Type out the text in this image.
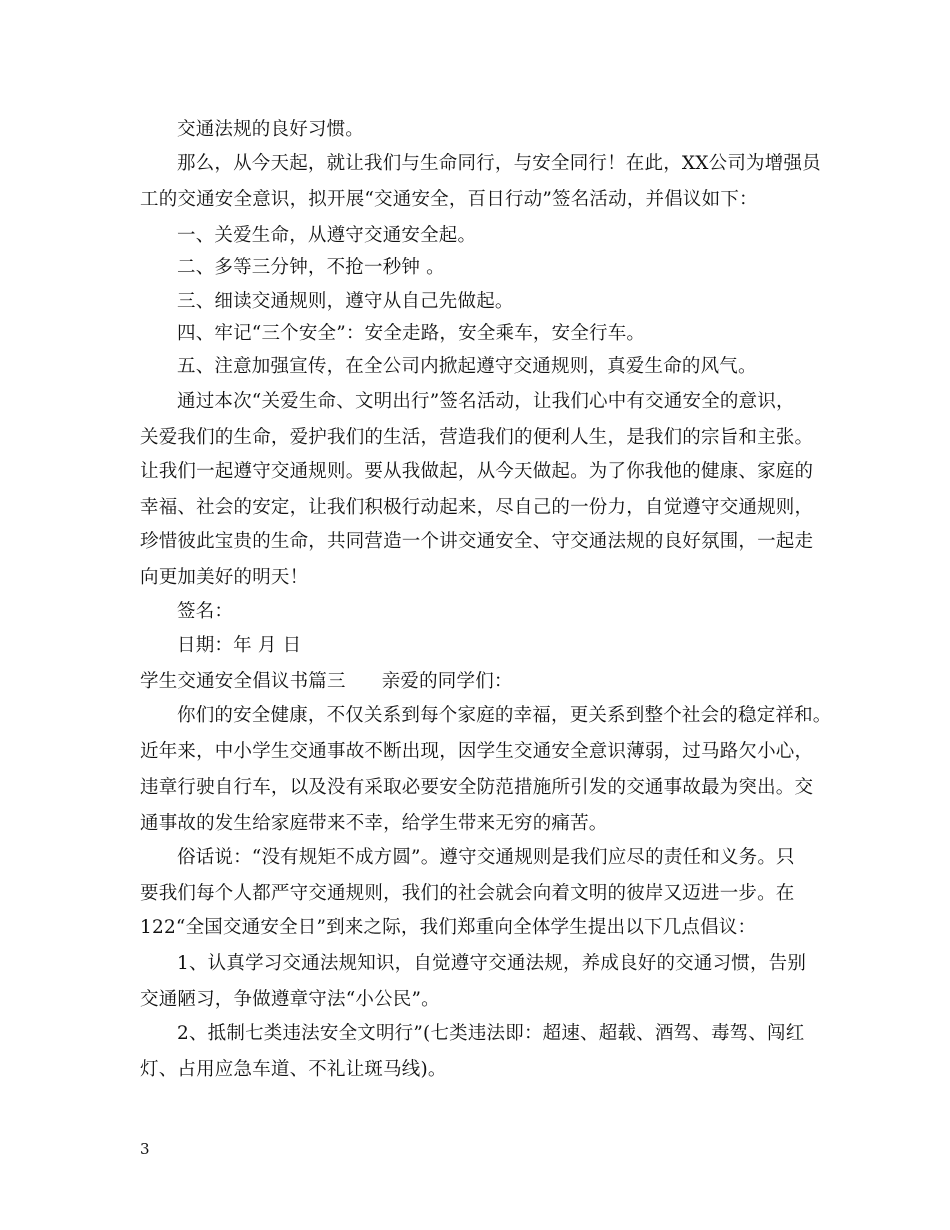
交通法规的良好习惯。
那么，从今天起，就让我们与生命同行，与安全同行！在此，XX公司为增强员
工的交通安全意识，拟开展“交通安全，百日行动”签名活动，并倡议如下：
一、关爱生命，从遵守交通安全起。
二、多等三分钟，不抢一秒钟 。
三、细读交通规则，遵守从自己先做起。
四、牢记“三个安全”：安全走路，安全乘车，安全行车。
五、注意加强宣传，在全公司内掀起遵守交通规则，真爱生命的风气。
通过本次“关爱生命、文明出行”签名活动，让我们心中有交通安全的意识，
关爱我们的生命，爱护我们的生活，营造我们的便利人生，是我们的宗旨和主张。
让我们一起遵守交通规则。要从我做起，从今天做起。为了你我他的健康、家庭的
幸福、社会的安定，让我们积极行动起来，尽自己的一份力，自觉遵守交通规则，
珍惜彼此宝贵的生命，共同营造一个讲交通安全、守交通法规的良好氛围，一起走
向更加美好的明天！
签名：
日期：年 月 日
学生交通安全倡议书篇三 亲爱的同学们：
你们的安全健康，不仅关系到每个家庭的幸福，更关系到整个社会的稳定祥和。
近年来，中小学生交通事故不断出现，因学生交通安全意识薄弱，过马路欠小心，
违章行驶自行车，以及没有采取必要安全防范措施所引发的交通事故最为突出。交
通事故的发生给家庭带来不幸，给学生带来无穷的痛苦。
俗话说：“没有规矩不成方圆”。遵守交通规则是我们应尽的责任和义务。只
要我们每个人都严守交通规则，我们的社会就会向着文明的彼岸又迈进一步。在
122“全国交通安全日”到来之际，我们郑重向全体学生提出以下几点倡议：
1、认真学习交通法规知识，自觉遵守交通法规，养成良好的交通习惯，告别
交通陋习，争做遵章守法“小公民”。
2、抵制七类违法安全文明行”(七类违法即：超速、超载、酒驾、毒驾、闯红
灯、占用应急车道、不礼让斑马线)。
3
